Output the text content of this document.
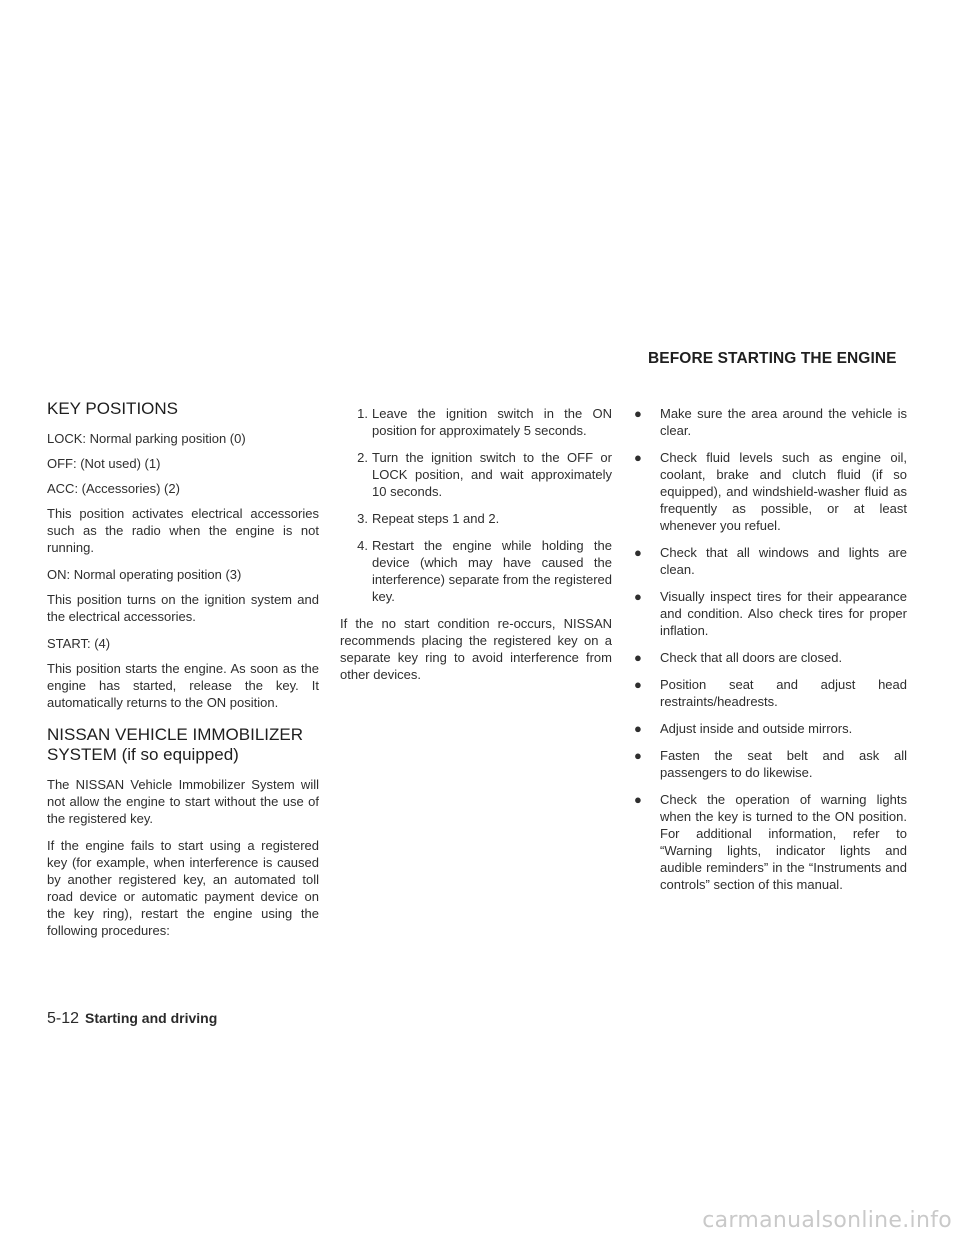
BEFORE STARTING THE ENGINE
KEY POSITIONS

LOCK: Normal parking position (0)

OFF: (Not used) (1)

ACC: (Accessories) (2)

This position activates electrical accessories such as the radio when the engine is not running.

ON: Normal operating position (3)

This position turns on the ignition system and the electrical accessories.

START: (4)

This position starts the engine. As soon as the engine has started, release the key. It automatically returns to the ON position.

NISSAN VEHICLE IMMOBILIZER
SYSTEM (if so equipped)

The NISSAN Vehicle Immobilizer System will not allow the engine to start without the use of the registered key.

If the engine fails to start using a registered key (for example, when interference is caused by another registered key, an automated toll road device or automatic payment device on the key ring), restart the engine using the following procedures:

1. Leave the ignition switch in the ON position for approximately 5 seconds.
2. Turn the ignition switch to the OFF or LOCK position, and wait approximately 10 seconds.
3. Repeat steps 1 and 2.
4. Restart the engine while holding the device (which may have caused the interference) separate from the registered key.

If the no start condition re-occurs, NISSAN recommends placing the registered key on a separate key ring to avoid interference from other devices.

●	Make sure the area around the vehicle is clear.
●	Check fluid levels such as engine oil, coolant, brake and clutch fluid (if so equipped), and windshield-washer fluid as frequently as possible, or at least whenever you refuel.
●	Check that all windows and lights are clean.
●	Visually inspect tires for their appearance and condition. Also check tires for proper inflation.
●	Check that all doors are closed.
●	Position seat and adjust head restraints/headrests.
●	Adjust inside and outside mirrors.
●	Fasten the seat belt and ask all passengers to do likewise.
●	Check the operation of warning lights when the key is turned to the ON position. For additional information, refer to “Warning lights, indicator lights and audible reminders” in the “Instruments and controls” section of this manual.
5-12 Starting and driving
carmanualsonline.info
